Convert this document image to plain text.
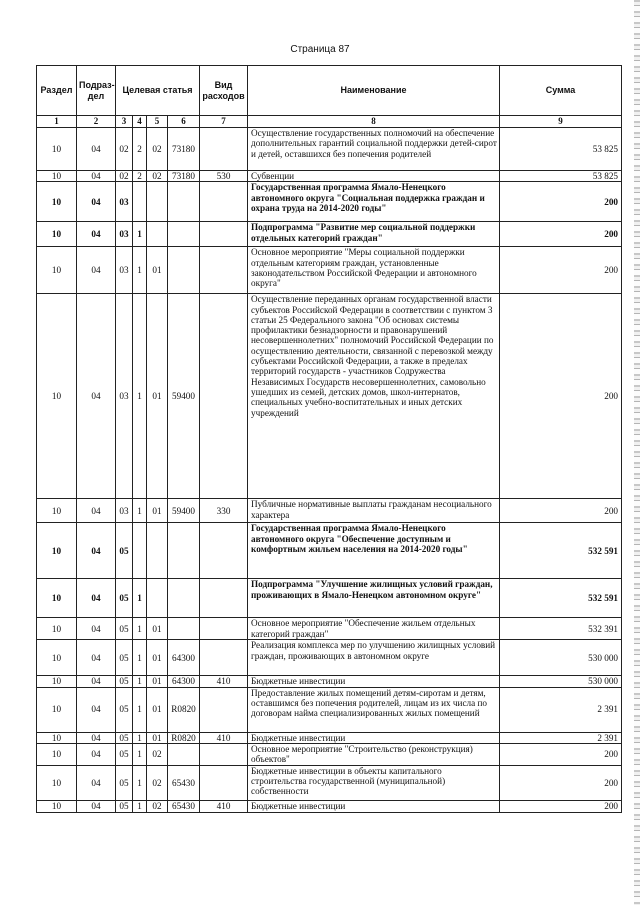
Страница 87
Раздел	Подраз-дел	Целевая статья				Вид расходов	Наименование	Сумма
1	2	3	4	5	6	7	8	9
10	04	02	2	02	73180		Осуществление государственных полномочий на обеспечение дополнительных гарантий социальной поддержки детей-сирот и детей, оставшихся без попечения родителей	53 825
10	04	02	2	02	73180	530	Субвенции	53 825
10	04	03					Государственная программа Ямало-Ненецкого автономного округа "Социальная поддержка граждан и охрана труда на 2014-2020 годы"	200
10	04	03	1				Подпрограмма "Развитие мер социальной поддержки отдельных категорий граждан"	200
10	04	03	1	01			Основное мероприятие "Меры социальной поддержки отдельным категориям граждан, установленные законодательством Российской Федерации и автономного округа"	200
10	04	03	1	01	59400		Осуществление переданных органам государственной власти субъектов Российской Федерации в соответствии с пунктом 3 статьи 25 Федерального закона "Об основах системы профилактики безнадзорности и правонарушений несовершеннолетних" полномочий Российской Федерации по осуществлению деятельности, связанной с перевозкой между субъектами Российской Федерации, а также в пределах территорий государств - участников Содружества Независимых Государств несовершеннолетних, самовольно ушедших из семей, детских домов, школ-интернатов, специальных учебно-воспитательных и иных детских учреждений	200
10	04	03	1	01	59400	330	Публичные нормативные выплаты гражданам несоциального характера	200
10	04	05					Государственная программа Ямало-Ненецкого автономного округа "Обеспечение доступным и комфортным жильем населения на 2014-2020 годы"	532 591
10	04	05	1				Подпрограмма "Улучшение жилищных условий граждан, проживающих в Ямало-Ненецком автономном округе"	532 591
10	04	05	1	01			Основное мероприятие "Обеспечение жильем отдельных категорий граждан"	532 391
10	04	05	1	01	64300		Реализация комплекса мер по улучшению жилищных условий граждан, проживающих в автономном округе	530 000
10	04	05	1	01	64300	410	Бюджетные инвестиции	530 000
10	04	05	1	01	R0820		Предоставление жилых помещений детям-сиротам и детям, оставшимся без попечения родителей, лицам из их числа по договорам найма специализированных жилых помещений	2 391
10	04	05	1	01	R0820	410	Бюджетные инвестиции	2 391
10	04	05	1	02			Основное мероприятие "Строительство (реконструкция) объектов"	200
10	04	05	1	02	65430		Бюджетные инвестиции в объекты капитального строительства государственной (муниципальной) собственности	200
10	04	05	1	02	65430	410	Бюджетные инвестиции	200
